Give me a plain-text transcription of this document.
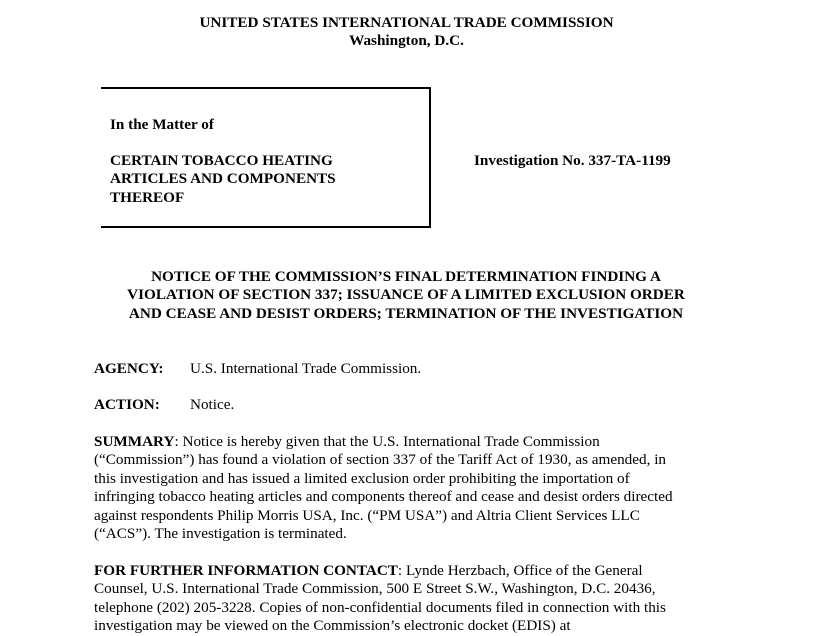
UNITED STATES INTERNATIONAL TRADE COMMISSION
Washington, D.C.
In the Matter of
CERTAIN TOBACCO HEATING
ARTICLES AND COMPONENTS
THEREOF
Investigation No. 337-TA-1199
NOTICE OF THE COMMISSION’S FINAL DETERMINATION FINDING A
VIOLATION OF SECTION 337; ISSUANCE OF A LIMITED EXCLUSION ORDER
AND CEASE AND DESIST ORDERS; TERMINATION OF THE INVESTIGATION
AGENCY: U.S. International Trade Commission.
ACTION: Notice.
SUMMARY: Notice is hereby given that the U.S. International Trade Commission
(“Commission”) has found a violation of section 337 of the Tariff Act of 1930, as amended, in
this investigation and has issued a limited exclusion order prohibiting the importation of
infringing tobacco heating articles and components thereof and cease and desist orders directed
against respondents Philip Morris USA, Inc. (“PM USA”) and Altria Client Services LLC
(“ACS”). The investigation is terminated.
FOR FURTHER INFORMATION CONTACT: Lynde Herzbach, Office of the General
Counsel, U.S. International Trade Commission, 500 E Street S.W., Washington, D.C. 20436,
telephone (202) 205-3228. Copies of non-confidential documents filed in connection with this
investigation may be viewed on the Commission’s electronic docket (EDIS) at
